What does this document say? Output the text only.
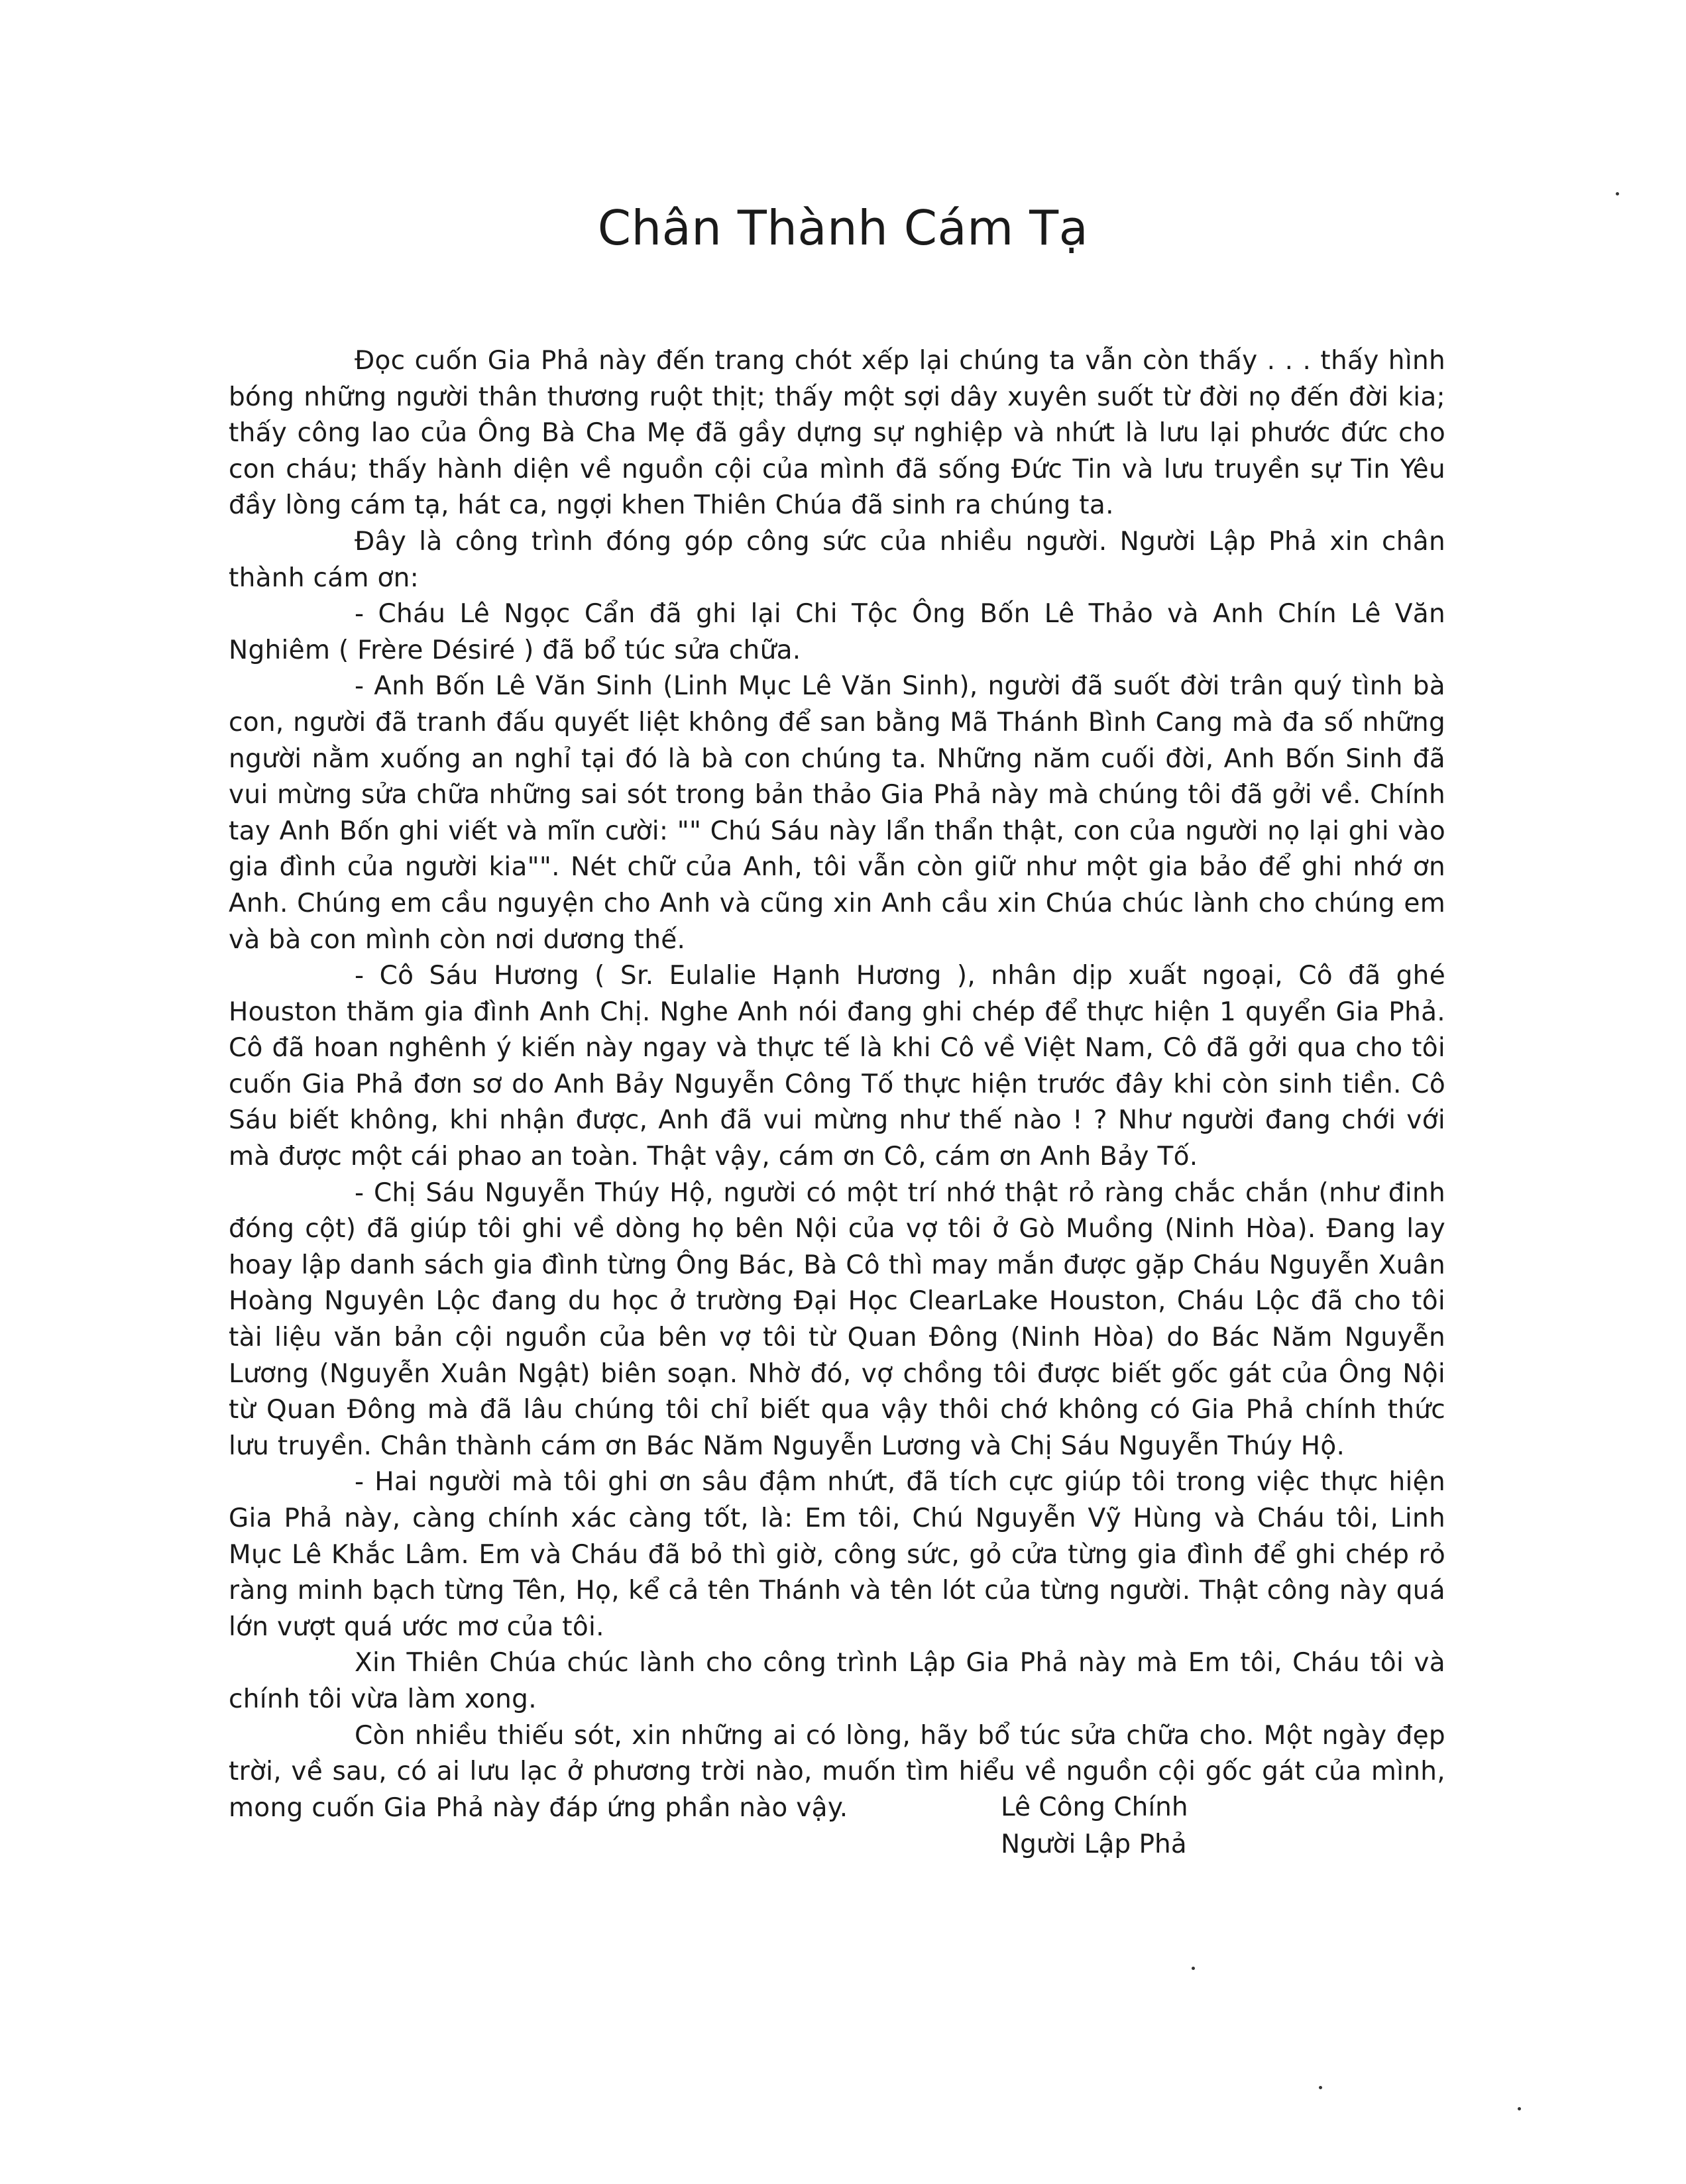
Chân Thành Cám Tạ

Đọc cuốn Gia Phả này đến trang chót xếp lại chúng ta vẫn còn thấy . . . thấy hình bóng những người thân thương ruột thịt; thấy một sợi dây xuyên suốt từ đời nọ đến đời kia; thấy công lao của Ông Bà Cha Mẹ đã gầy dựng sự nghiệp và nhứt là lưu lại phước đức cho con cháu; thấy hành diện về nguồn cội của mình đã sống Đức Tin và lưu truyền sự Tin Yêu đầy lòng cám tạ, hát ca, ngợi khen Thiên Chúa đã sinh ra chúng ta.

Đây là công trình đóng góp công sức của nhiều người. Người Lập Phả xin chân thành cám ơn:

- Cháu Lê Ngọc Cẩn đã ghi lại Chi Tộc Ông Bốn Lê Thảo và Anh Chín Lê Văn Nghiêm ( Frère Désiré ) đã bổ túc sửa chữa.

- Anh Bốn Lê Văn Sinh (Linh Mục Lê Văn Sinh), người đã suốt đời trân quý tình bà con, người đã tranh đấu quyết liệt không để san bằng Mã Thánh Bình Cang mà đa số những người nằm xuống an nghỉ tại đó là bà con chúng ta. Những năm cuối đời, Anh Bốn Sinh đã vui mừng sửa chữa những sai sót trong bản thảo Gia Phả này mà chúng tôi đã gởi về. Chính tay Anh Bốn ghi viết và mĩn cười: "" Chú Sáu này lẩn thẩn thật, con của người nọ lại ghi vào gia đình của người kia"". Nét chữ của Anh, tôi vẫn còn giữ như một gia bảo để ghi nhớ ơn Anh. Chúng em cầu nguyện cho Anh và cũng xin Anh cầu xin Chúa chúc lành cho chúng em và bà con mình còn nơi dương thế.

- Cô Sáu Hương ( Sr. Eulalie Hạnh Hương ), nhân dịp xuất ngoại, Cô đã ghé Houston thăm gia đình Anh Chị. Nghe Anh nói đang ghi chép để thực hiện 1 quyển Gia Phả. Cô đã hoan nghênh ý kiến này ngay và thực tế là khi Cô về Việt Nam, Cô đã gởi qua cho tôi cuốn Gia Phả đơn sơ do Anh Bảy Nguyễn Công Tố thực hiện trước đây khi còn sinh tiền. Cô Sáu biết không, khi nhận được, Anh đã vui mừng như thế nào ! ? Như người đang chới với mà được một cái phao an toàn. Thật vậy, cám ơn Cô, cám ơn Anh Bảy Tố.

- Chị Sáu Nguyễn Thúy Hộ, người có một trí nhớ thật rỏ ràng chắc chắn (như đinh đóng cột) đã giúp tôi ghi về dòng họ bên Nội của vợ tôi ở Gò Muồng (Ninh Hòa). Đang lay hoay lập danh sách gia đình từng Ông Bác, Bà Cô thì may mắn được gặp Cháu Nguyễn Xuân Hoàng Nguyên Lộc đang du học ở trường Đại Học ClearLake Houston, Cháu Lộc đã cho tôi tài liệu văn bản cội nguồn của bên vợ tôi từ Quan Đông (Ninh Hòa) do Bác Năm Nguyễn Lương (Nguyễn Xuân Ngật) biên soạn. Nhờ đó, vợ chồng tôi được biết gốc gát của Ông Nội từ Quan Đông mà đã lâu chúng tôi chỉ biết qua vậy thôi chớ không có Gia Phả chính thức lưu truyền. Chân thành cám ơn Bác Năm Nguyễn Lương và Chị Sáu Nguyễn Thúy Hộ.

- Hai người mà tôi ghi ơn sâu đậm nhứt, đã tích cực giúp tôi trong việc thực hiện Gia Phả này, càng chính xác càng tốt, là: Em tôi, Chú Nguyễn Vỹ Hùng và Cháu tôi, Linh Mục Lê Khắc Lâm. Em và Cháu đã bỏ thì giờ, công sức, gỏ cửa từng gia đình để ghi chép rỏ ràng minh bạch từng Tên, Họ, kể cả tên Thánh và tên lót của từng người. Thật công này quá lớn vượt quá ước mơ của tôi.

Xin Thiên Chúa chúc lành cho công trình Lập Gia Phả này mà Em tôi, Cháu tôi và chính tôi vừa làm xong.

Còn nhiều thiếu sót, xin những ai có lòng, hãy bổ túc sửa chữa cho. Một ngày đẹp trời, về sau, có ai lưu lạc ở phương trời nào, muốn tìm hiểu về nguồn cội gốc gát của mình, mong cuốn Gia Phả này đáp ứng phần nào vậy.	Lê Công Chính
Người Lập Phả
